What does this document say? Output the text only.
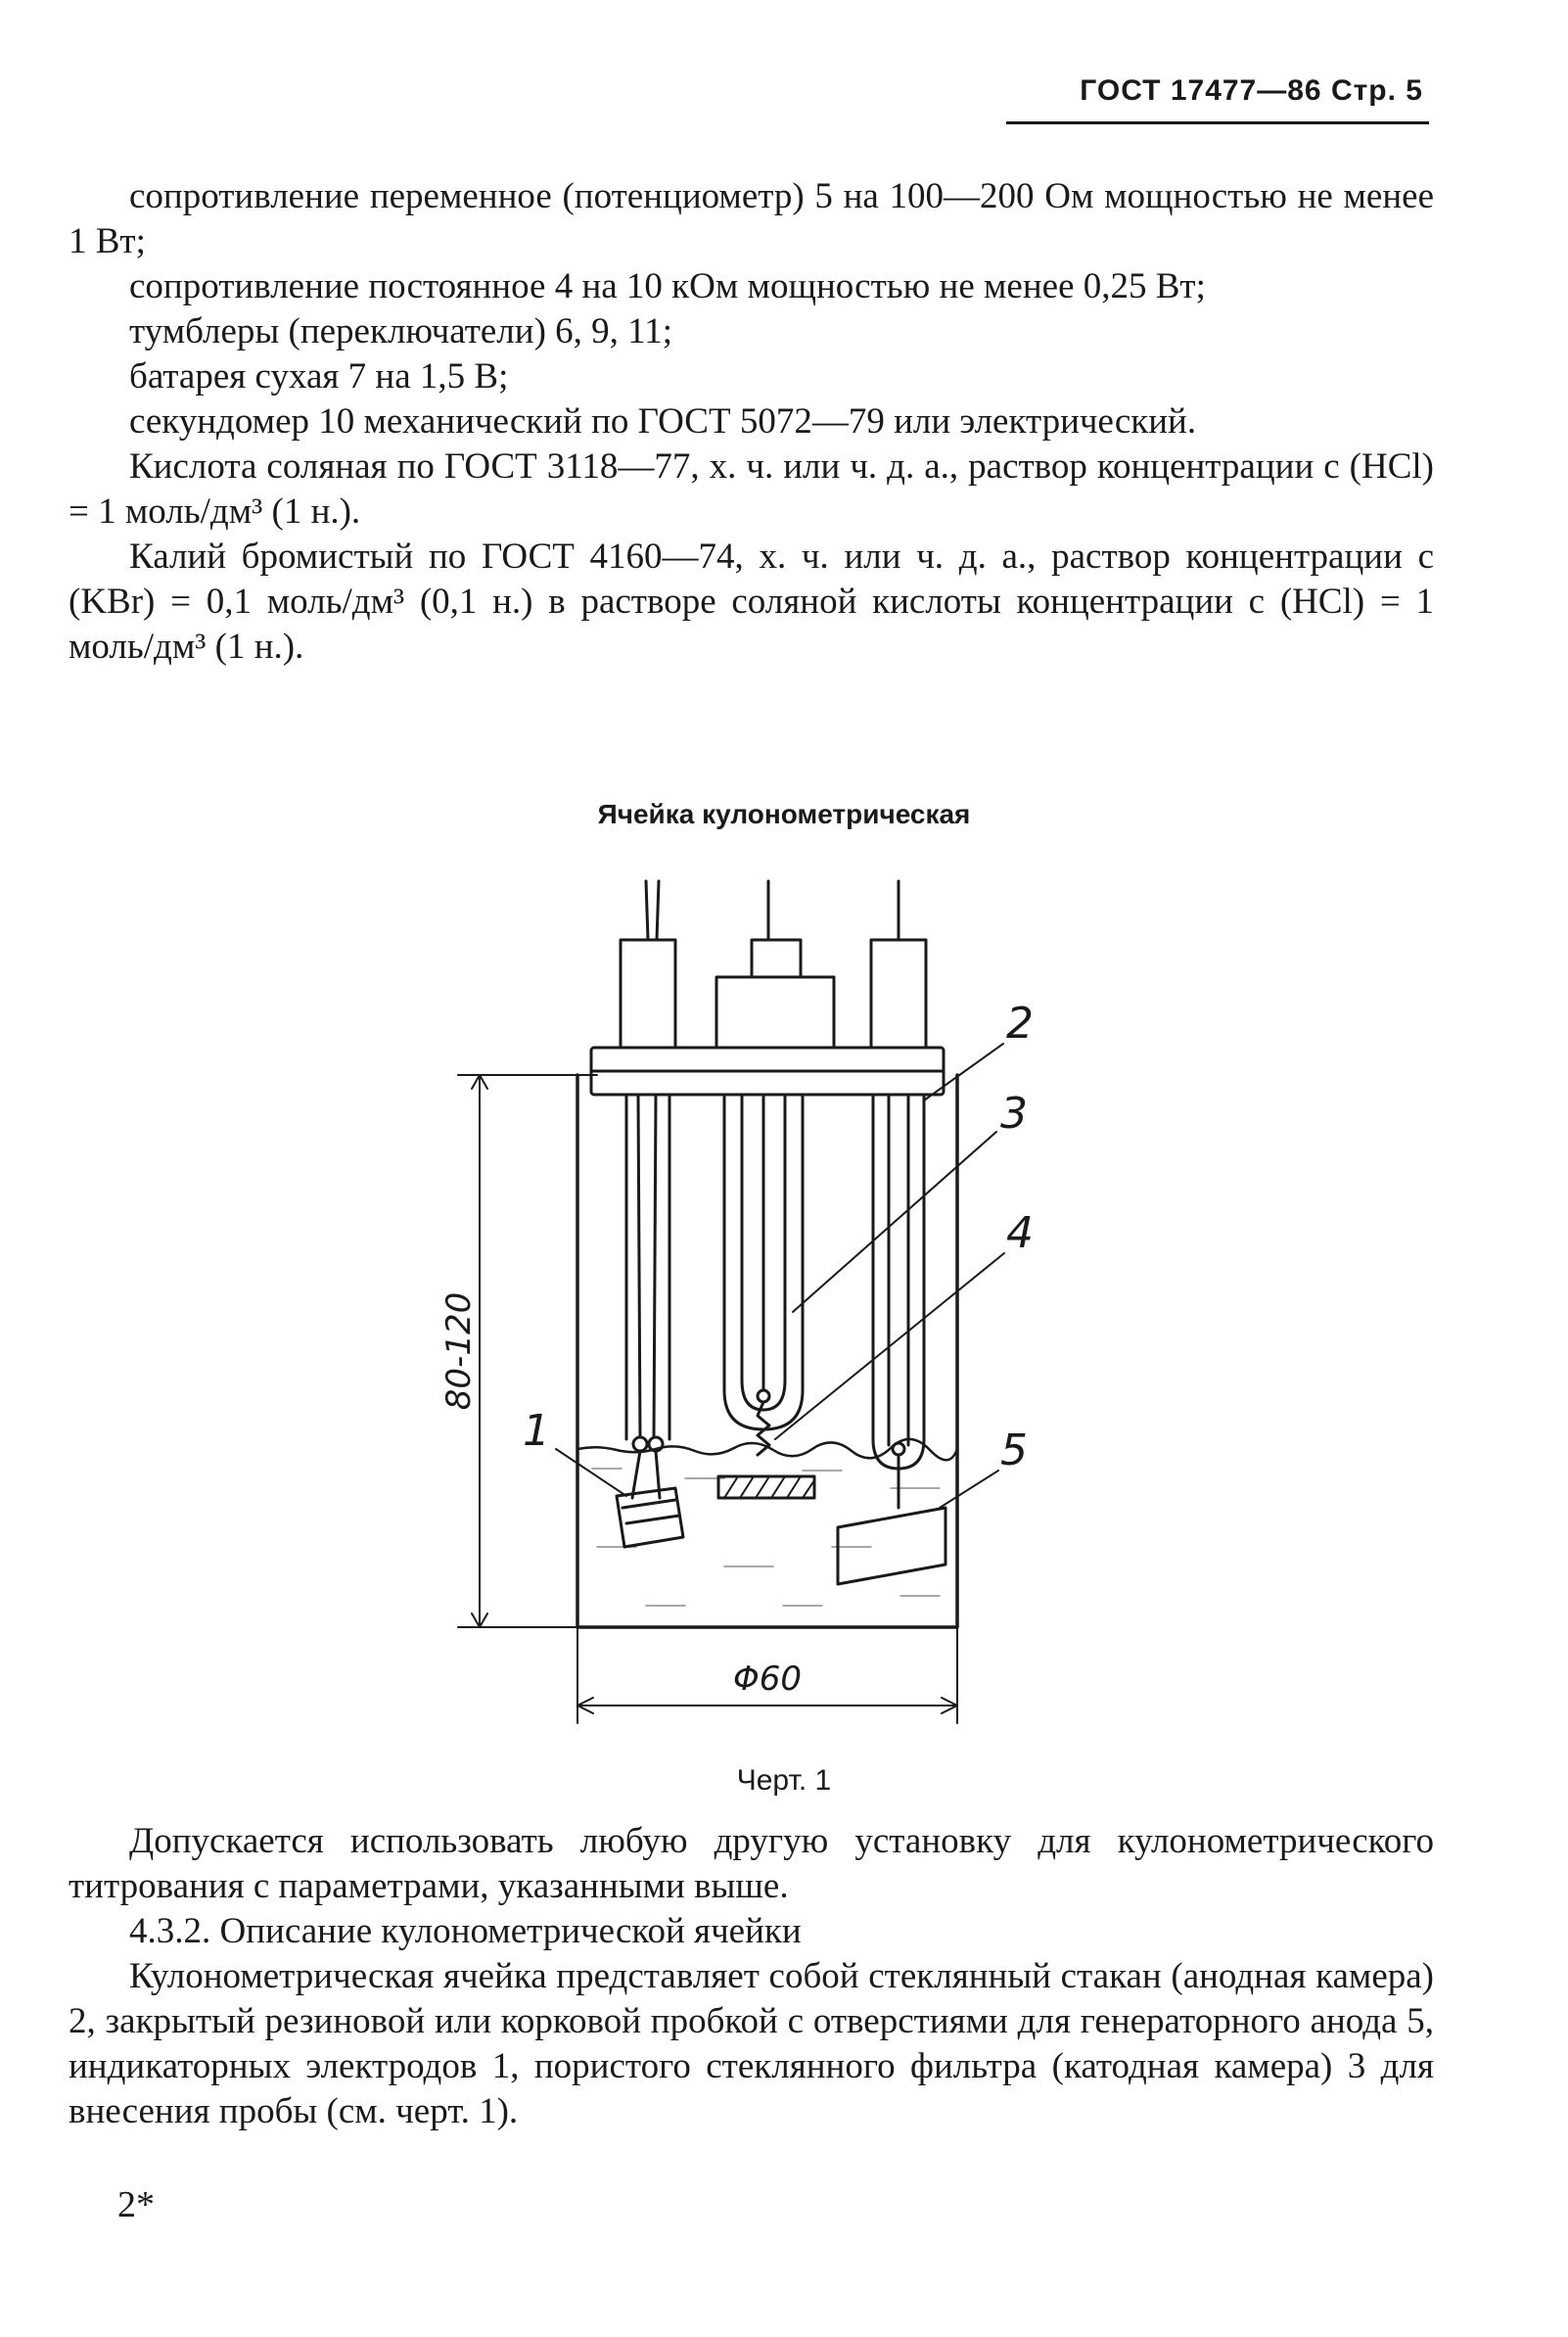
ГОСТ 17477—86 Стр. 5

сопротивление переменное (потенциометр) 5 на 100—200 Ом мощностью не менее 1 Вт;

сопротивление постоянное 4 на 10 кОм мощностью не менее 0,25 Вт;

тумблеры (переключатели) 6, 9, 11;

батарея сухая 7 на 1,5 В;

секундомер 10 механический по ГОСТ 5072—79 или электрический.

Кислота соляная по ГОСТ 3118—77, х. ч. или ч. д. а., раствор концентрации с (HCl) = 1 моль/дм³ (1 н.).

Калий бромистый по ГОСТ 4160—74, х. ч. или ч. д. а., раствор концентрации с (KBr) = 0,1 моль/дм³ (0,1 н.) в растворе соляной кислоты концентрации с (HCl) = 1 моль/дм³ (1 н.).

Ячейка кулонометрическая
2
3
4
5
1
80-120
Φ60
Черт. 1

Допускается использовать любую другую установку для кулонометрического титрования с параметрами, указанными выше.

4.3.2. Описание кулонометрической ячейки

Кулонометрическая ячейка представляет собой стеклянный стакан (анодная камера) 2, закрытый резиновой или корковой пробкой с отверстиями для генераторного анода 5, индикаторных электродов 1, пористого стеклянного фильтра (катодная камера) 3 для внесения пробы (см. черт. 1).

2*
